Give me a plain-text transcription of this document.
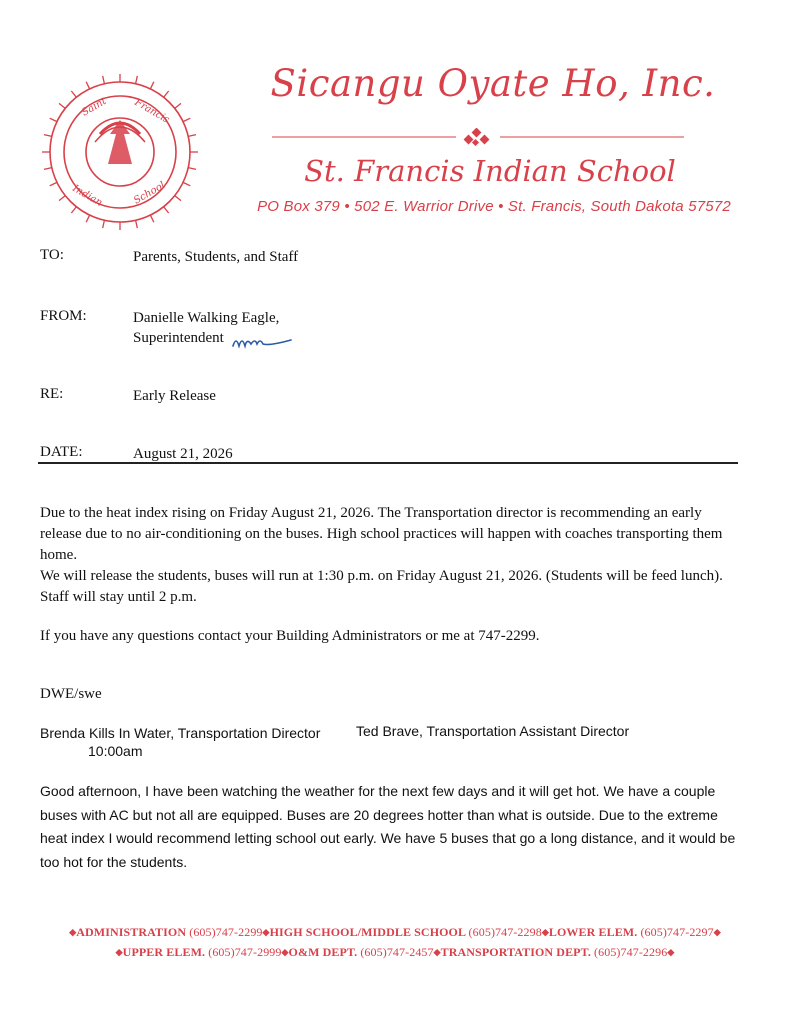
Saint Francis
Indian	School
Sicangu Oyate Ho, Inc.
St. Francis Indian School
PO Box 379 • 502 E. Warrior Drive • St. Francis, South Dakota 57572
TO:	Parents, Students, and Staff
FROM:	Danielle Walking Eagle,
Superintendent
RE:	Early Release
DATE:	August 21, 2026
Due to the heat index rising on Friday August 21, 2026. The Transportation director is recommending an early release due to no air-conditioning on the buses. High school practices will happen with coaches transporting them home.
We will release the students, buses will run at 1:30 p.m. on Friday August 21, 2026. (Students will be feed lunch). Staff will stay until 2 p.m.
If you have any questions contact your Building Administrators or me at 747-2299.
DWE/swe
Brenda Kills In Water, Transportation Director	Ted Brave, Transportation Assistant Director
10:00am
Good afternoon, I have been watching the weather for the next few days and it will get hot. We have a couple buses with AC but not all are equipped. Buses are 20 degrees hotter than what is outside. Due to the extreme heat index I would recommend letting school out early. We have 5 buses that go a long distance, and it would be too hot for the students.
◆ADMINISTRATION (605)747-2299◆HIGH SCHOOL/MIDDLE SCHOOL (605)747-2298◆LOWER ELEM. (605)747-2297◆
◆UPPER ELEM. (605)747-2999◆O&M DEPT. (605)747-2457◆TRANSPORTATION DEPT. (605)747-2296◆
